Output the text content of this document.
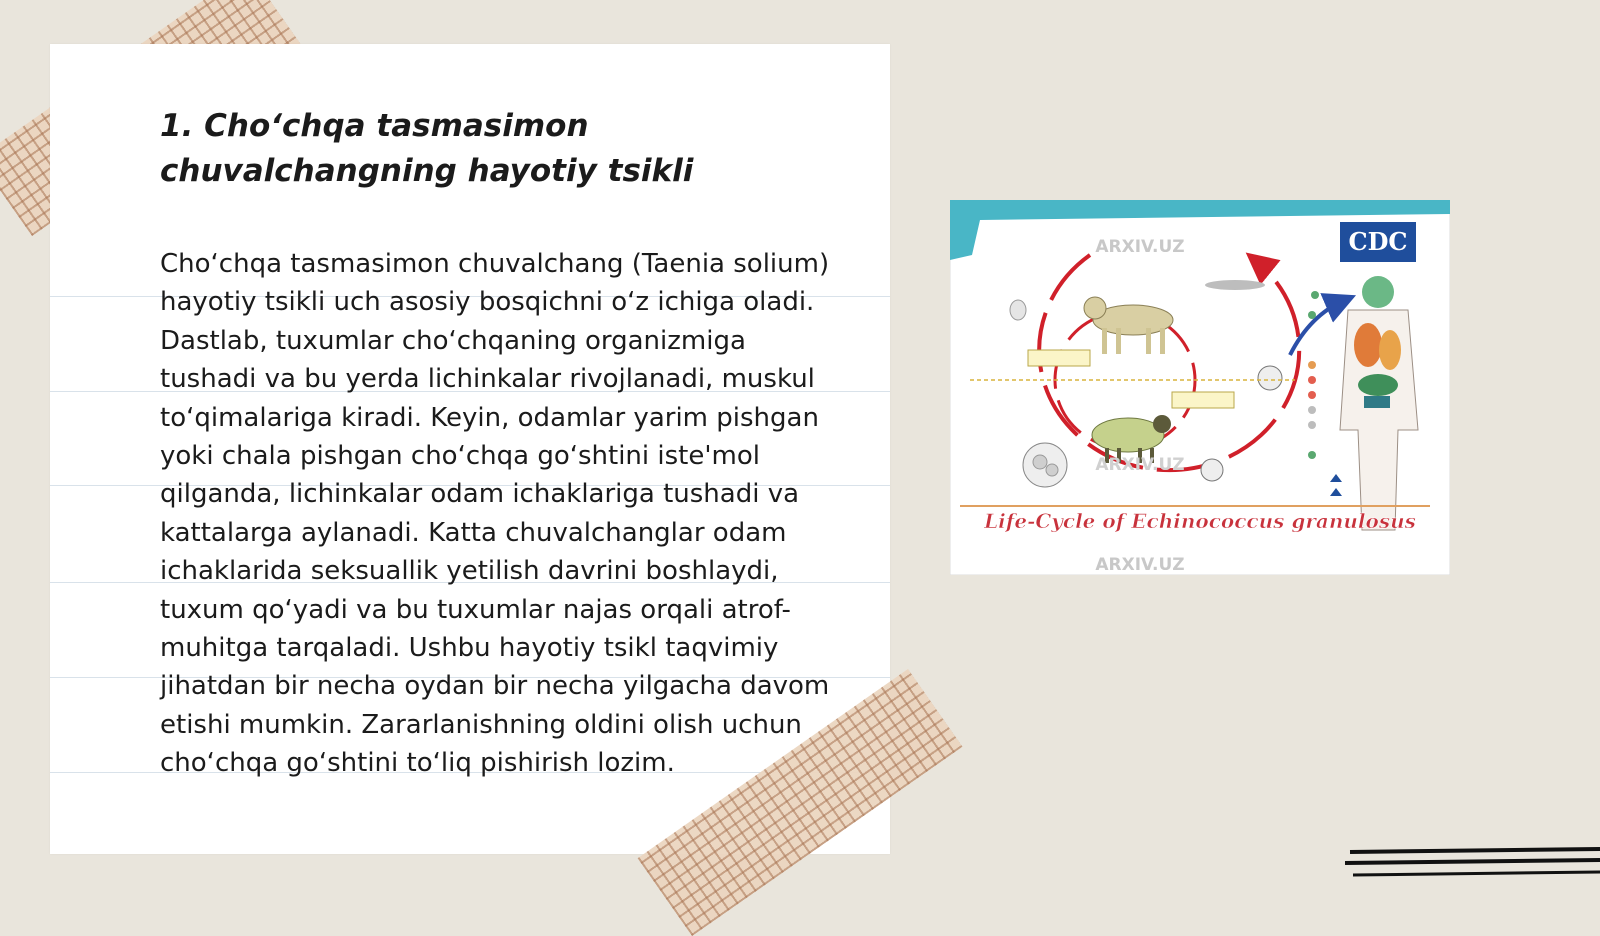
1. Cho‘chqa tasmasimon chuvalchangning hayotiy tsikli

Cho‘chqa tasmasimon chuvalchang (Taenia solium) hayotiy tsikli uch asosiy bosqichni o‘z ichiga oladi. Dastlab, tuxumlar cho‘chqaning organizmiga tushadi va bu yerda lichinkalar rivojlanadi, muskul to‘qimalariga kiradi. Keyin, odamlar yarim pishgan yoki chala pishgan cho‘chqa go‘shtini iste'mol qilganda, lichinkalar odam ichaklariga tushadi va kattalarga aylanadi. Katta chuvalchanglar odam ichaklarida seksuallik yetilish davrini boshlaydi, tuxum qo‘yadi va bu tuxumlar najas orqali atrof-muhitga tarqaladi. Ushbu hayotiy tsikl taqvimiy jihatdan bir necha oydan bir necha yilgacha davom etishi mumkin. Zararlanishning oldini olish uchun cho‘chqa go‘shtini to‘liq pishirish lozim.

CDC
ARXIV.UZ
ARXIV.UZ
ARXIV.UZ
Life-Cycle of Echinococcus granulosus
